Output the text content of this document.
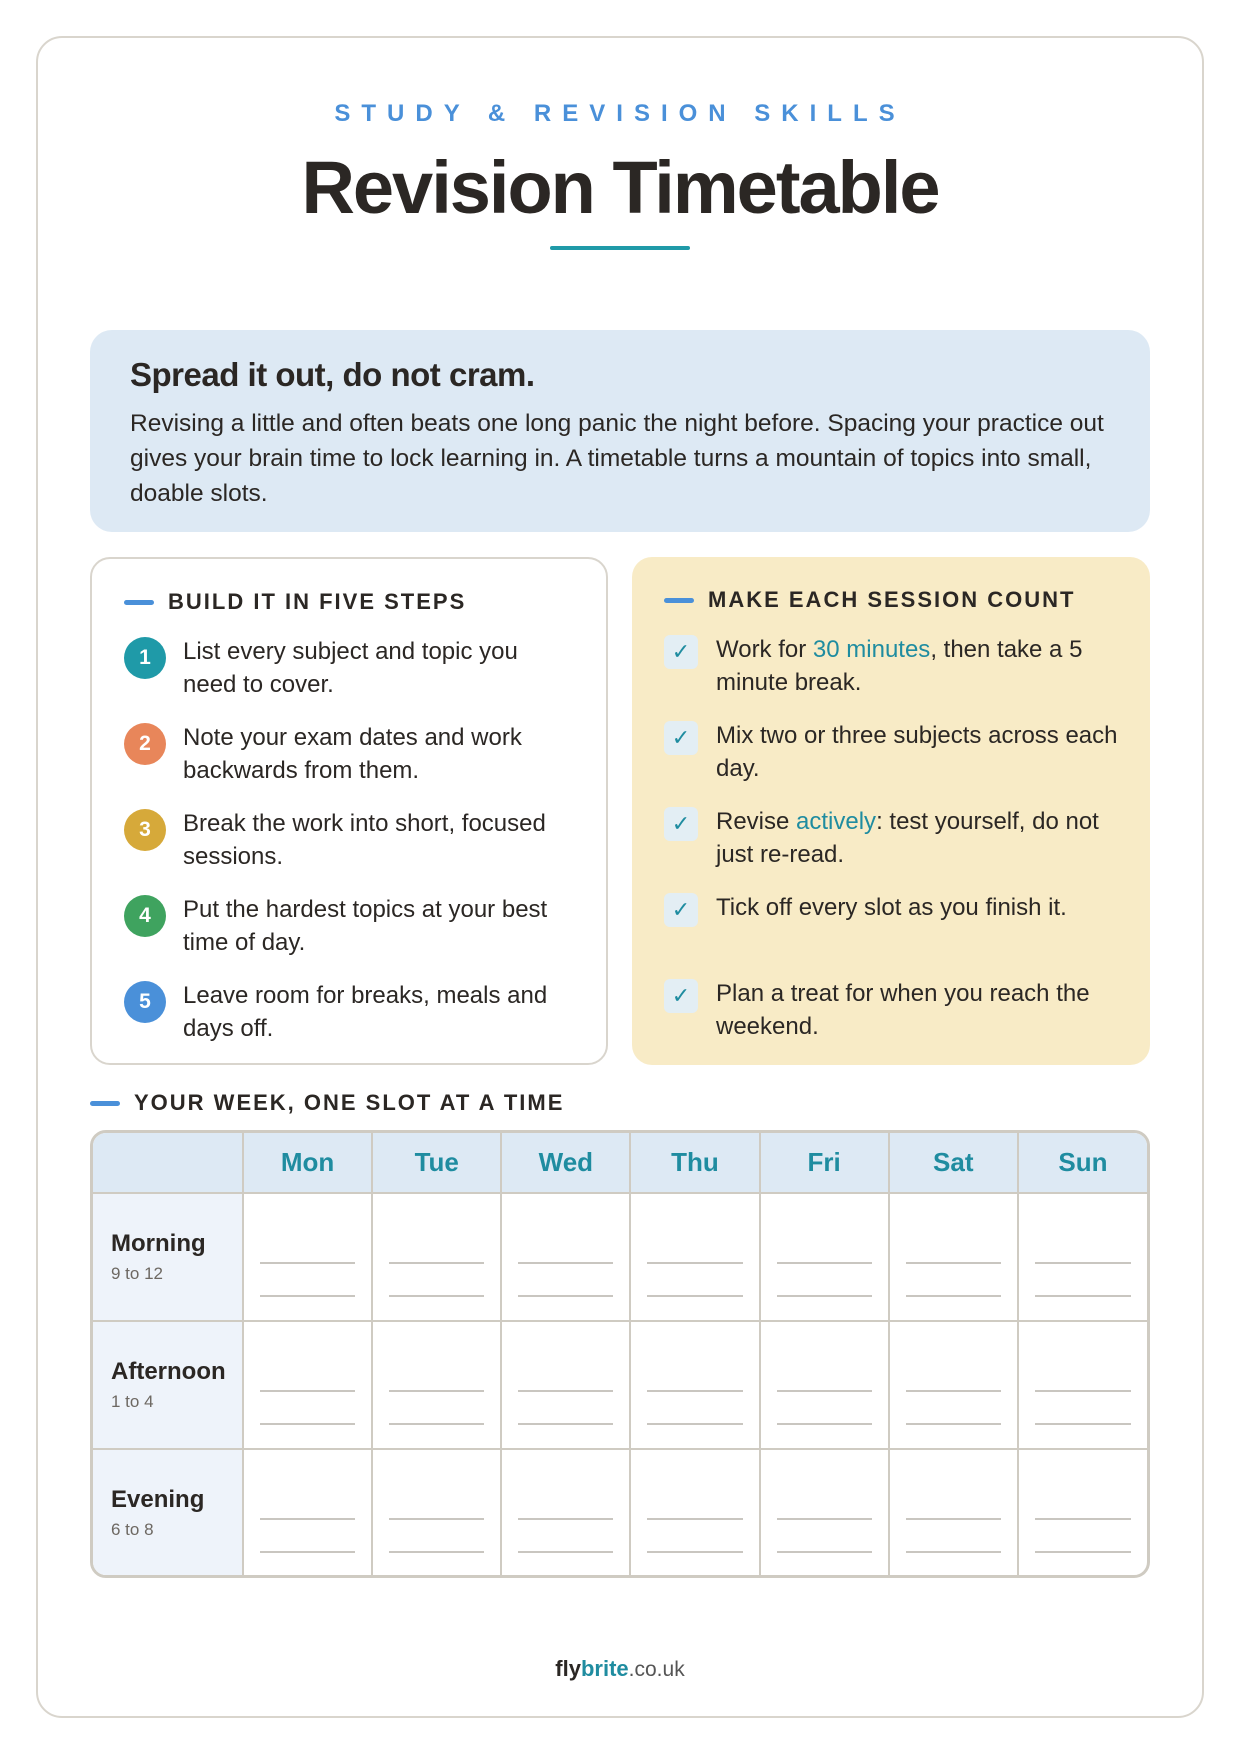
STUDY & REVISION SKILLS
Revision Timetable
Spread it out, do not cram.
Revising a little and often beats one long panic the night before. Spacing your practice out gives your brain time to lock learning in. A timetable turns a mountain of topics into small, doable slots.
BUILD IT IN FIVE STEPS
1	List every subject and topic you need to cover.
2	Note your exam dates and work backwards from them.
3	Break the work into short, focused sessions.
4	Put the hardest topics at your best time of day.
5	Leave room for breaks, meals and days off.
MAKE EACH SESSION COUNT
✓	Work for 30 minutes, then take a 5 minute break.
✓	Mix two or three subjects across each day.
✓	Revise actively: test yourself, do not just re-read.
✓	Tick off every slot as you finish it.
✓	Plan a treat for when you reach the weekend.
YOUR WEEK, ONE SLOT AT A TIME
	Mon	Tue	Wed	Thu	Fri	Sat	Sun

Morning
9 to 12							

Afternoon
1 to 4							

Evening
6 to 8							

flybrite.co.uk
